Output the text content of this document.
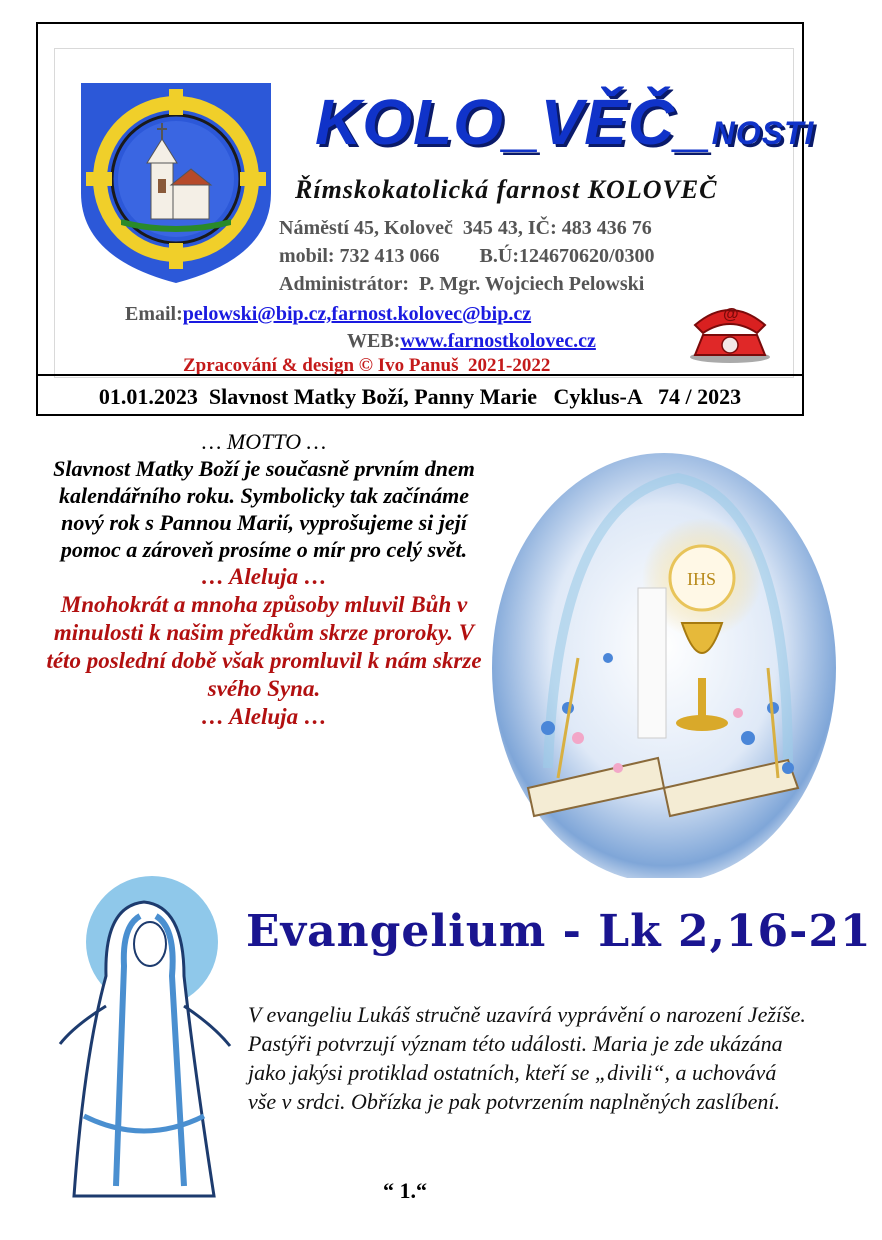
KOLO_VĚČ_NOSTI
Římskokatolická farnost KOLOVEČ
Náměstí 45, Koloveč  345 43, IČ: 483 436 76
mobil: 732 413 066        B.Ú:124670620/0300
Administrátor:  P. Mgr. Wojciech Pelowski
Email:pelowski@bip.cz,farnost.kolovec@bip.cz
WEB:www.farnostkolovec.cz
Zpracování & design © Ivo Panuš  2021-2022
@
01.01.2023  Slavnost Matky Boží, Panny Marie   Cyklus-A   74 / 2023
… MOTTO …
Slavnost Matky Boží je současně prvním dnem kalendářního roku. Symbolicky tak začínáme nový rok s Pannou Marií, vyprošujeme si její pomoc a zároveň prosíme o mír pro celý svět.
… Aleluja …
Mnohokrát a mnoha způsoby mluvil Bůh v minulosti k našim předkům skrze proroky. V této poslední době však promluvil k nám skrze svého Syna.
… Aleluja …
IHS
Evangelium - Lk 2,16-21
V evangeliu Lukáš stručně uzavírá vyprávění o narození Ježíše. Pastýři potvrzují význam této události. Maria je zde ukázána jako jakýsi protiklad ostatních, kteří se „divili“, a uchovává vše v srdci. Obřízka je pak potvrzením naplněných zaslíbení.
“ 1.“
